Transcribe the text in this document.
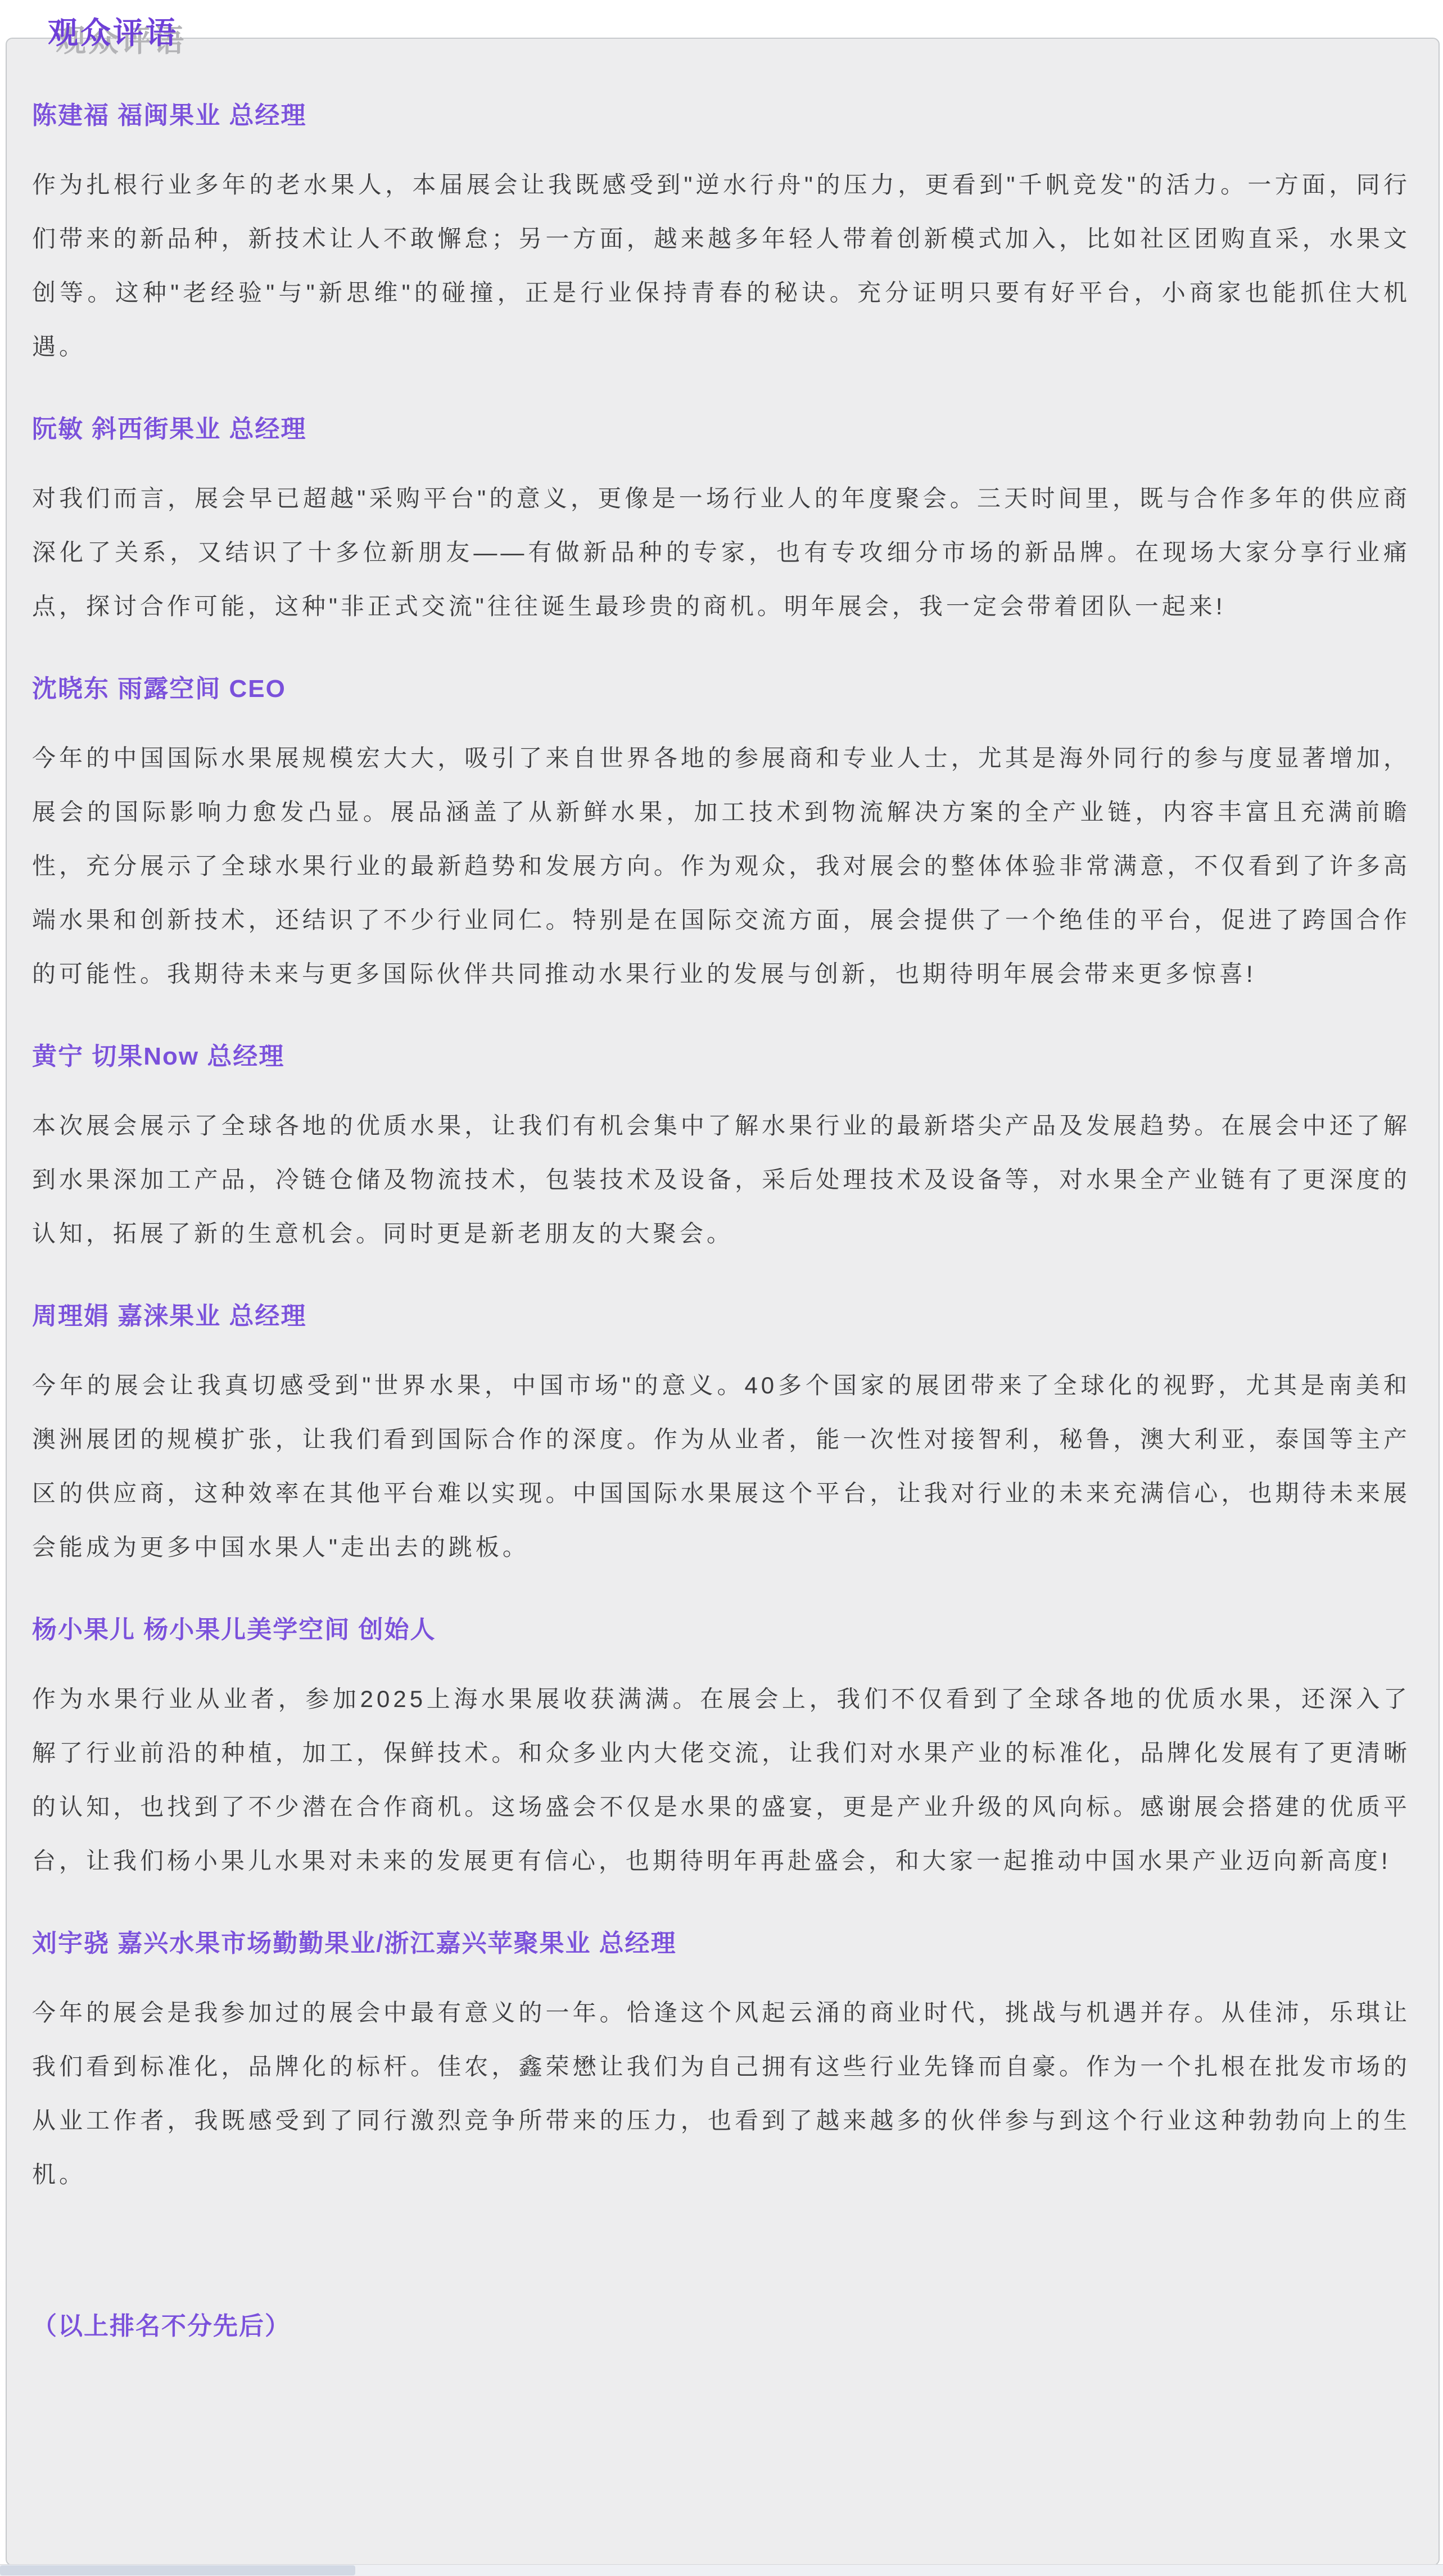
观众评语
陈建福 福闽果业 总经理

作为扎根行业多年的老水果人，本届展会让我既感受到"逆水行舟"的压力，更看到"千帆竞发"的活力。一方面，同行们带来的新品种，新技术让人不敢懈怠；另一方面，越来越多年轻人带着创新模式加入，比如社区团购直采，水果文创等。这种"老经验"与"新思维"的碰撞，正是行业保持青春的秘诀。充分证明只要有好平台，小商家也能抓住大机遇。

阮敏 斜西街果业 总经理

对我们而言，展会早已超越"采购平台"的意义，更像是一场行业人的年度聚会。三天时间里，既与合作多年的供应商深化了关系，又结识了十多位新朋友——有做新品种的专家，也有专攻细分市场的新品牌。在现场大家分享行业痛点，探讨合作可能，这种"非正式交流"往往诞生最珍贵的商机。明年展会，我一定会带着团队一起来!

沈晓东 雨露空间 CEO

今年的中国国际水果展规模宏大大，吸引了来自世界各地的参展商和专业人士，尤其是海外同行的参与度显著增加，展会的国际影响力愈发凸显。展品涵盖了从新鲜水果，加工技术到物流解决方案的全产业链，内容丰富且充满前瞻性，充分展示了全球水果行业的最新趋势和发展方向。作为观众，我对展会的整体体验非常满意，不仅看到了许多高端水果和创新技术，还结识了不少行业同仁。特别是在国际交流方面，展会提供了一个绝佳的平台，促进了跨国合作的可能性。我期待未来与更多国际伙伴共同推动水果行业的发展与创新，也期待明年展会带来更多惊喜!

黄宁 切果Now 总经理

本次展会展示了全球各地的优质水果，让我们有机会集中了解水果行业的最新塔尖产品及发展趋势。在展会中还了解到水果深加工产品，冷链仓储及物流技术，包装技术及设备，采后处理技术及设备等，对水果全产业链有了更深度的认知，拓展了新的生意机会。同时更是新老朋友的大聚会。

周理娟 嘉涞果业 总经理

今年的展会让我真切感受到"世界水果，中国市场"的意义。40多个国家的展团带来了全球化的视野，尤其是南美和澳洲展团的规模扩张，让我们看到国际合作的深度。作为从业者，能一次性对接智利，秘鲁，澳大利亚，泰国等主产区的供应商，这种效率在其他平台难以实现。中国国际水果展这个平台，让我对行业的未来充满信心，也期待未来展会能成为更多中国水果人"走出去的跳板。

杨小果儿 杨小果儿美学空间 创始人

作为水果行业从业者，参加2025上海水果展收获满满。在展会上，我们不仅看到了全球各地的优质水果，还深入了解了行业前沿的种植，加工，保鲜技术。和众多业内大佬交流，让我们对水果产业的标准化，品牌化发展有了更清晰的认知，也找到了不少潜在合作商机。这场盛会不仅是水果的盛宴，更是产业升级的风向标。感谢展会搭建的优质平台，让我们杨小果儿水果对未来的发展更有信心，也期待明年再赴盛会，和大家一起推动中国水果产业迈向新高度!

刘宇骁 嘉兴水果市场勤勤果业/浙江嘉兴苹聚果业 总经理

今年的展会是我参加过的展会中最有意义的一年。恰逢这个风起云涌的商业时代，挑战与机遇并存。从佳沛，乐琪让我们看到标准化，品牌化的标杆。佳农，鑫荣懋让我们为自己拥有这些行业先锋而自豪。作为一个扎根在批发市场的从业工作者，我既感受到了同行激烈竞争所带来的压力，也看到了越来越多的伙伴参与到这个行业这种勃勃向上的生机。

（以上排名不分先后）
